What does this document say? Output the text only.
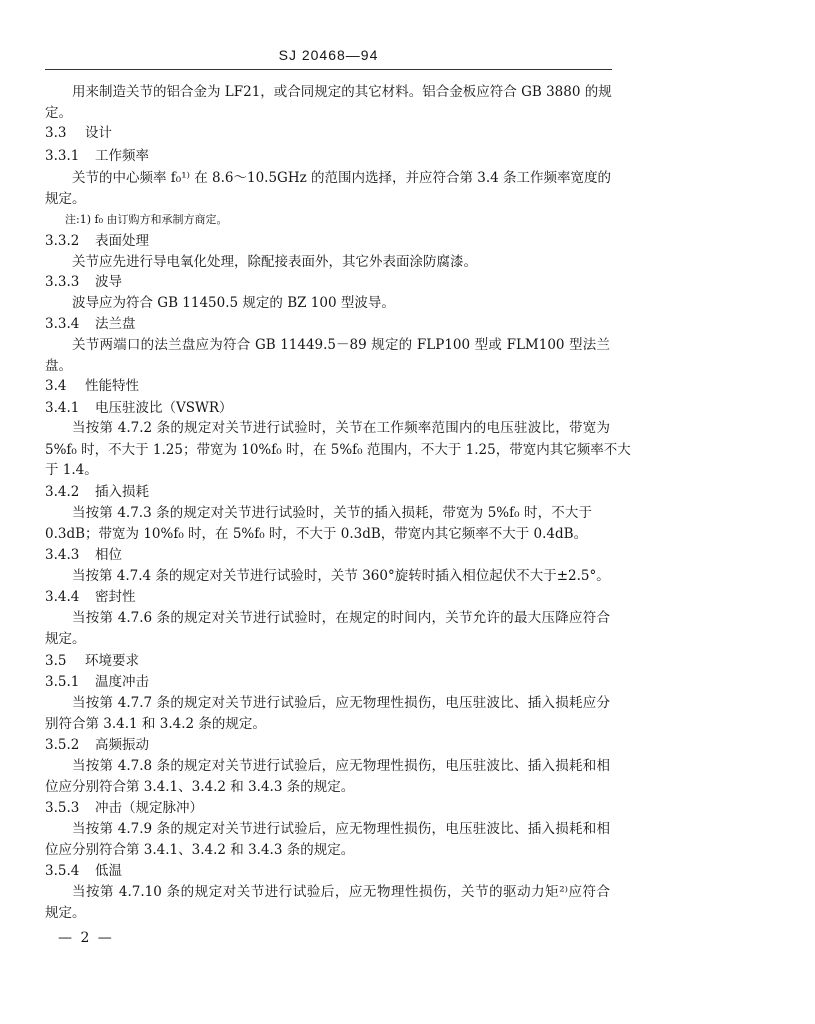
SJ 20468—94
用来制造关节的铝合金为 LF21，或合同规定的其它材料。铝合金板应符合 GB 3880 的规
定。
3.3 设计
3.3.1 工作频率
关节的中心频率 f₀¹⁾ 在 8.6～10.5GHz 的范围内选择，并应符合第 3.4 条工作频率宽度的
规定。
注:1) f₀ 由订购方和承制方商定。
3.3.2 表面处理
关节应先进行导电氧化处理，除配接表面外，其它外表面涂防腐漆。
3.3.3 波导
波导应为符合 GB 11450.5 规定的 BZ 100 型波导。
3.3.4 法兰盘
关节两端口的法兰盘应为符合 GB 11449.5－89 规定的 FLP100 型或 FLM100 型法兰
盘。
3.4 性能特性
3.4.1 电压驻波比（VSWR）
当按第 4.7.2 条的规定对关节进行试验时，关节在工作频率范围内的电压驻波比，带宽为
5%f₀ 时，不大于 1.25；带宽为 10%f₀ 时，在 5%f₀ 范围内，不大于 1.25，带宽内其它频率不大
于 1.4。
3.4.2 插入损耗
当按第 4.7.3 条的规定对关节进行试验时，关节的插入损耗，带宽为 5%f₀ 时，不大于
0.3dB；带宽为 10%f₀ 时，在 5%f₀ 时，不大于 0.3dB，带宽内其它频率不大于 0.4dB。
3.4.3 相位
当按第 4.7.4 条的规定对关节进行试验时，关节 360°旋转时插入相位起伏不大于±2.5°。
3.4.4 密封性
当按第 4.7.6 条的规定对关节进行试验时，在规定的时间内，关节允许的最大压降应符合
规定。
3.5 环境要求
3.5.1 温度冲击
当按第 4.7.7 条的规定对关节进行试验后，应无物理性损伤，电压驻波比、插入损耗应分
别符合第 3.4.1 和 3.4.2 条的规定。
3.5.2 高频振动
当按第 4.7.8 条的规定对关节进行试验后，应无物理性损伤，电压驻波比、插入损耗和相
位应分别符合第 3.4.1、3.4.2 和 3.4.3 条的规定。
3.5.3 冲击（规定脉冲）
当按第 4.7.9 条的规定对关节进行试验后，应无物理性损伤，电压驻波比、插入损耗和相
位应分别符合第 3.4.1、3.4.2 和 3.4.3 条的规定。
3.5.4 低温
当按第 4.7.10 条的规定对关节进行试验后，应无物理性损伤，关节的驱动力矩²⁾应符合
规定。
— 2 —
